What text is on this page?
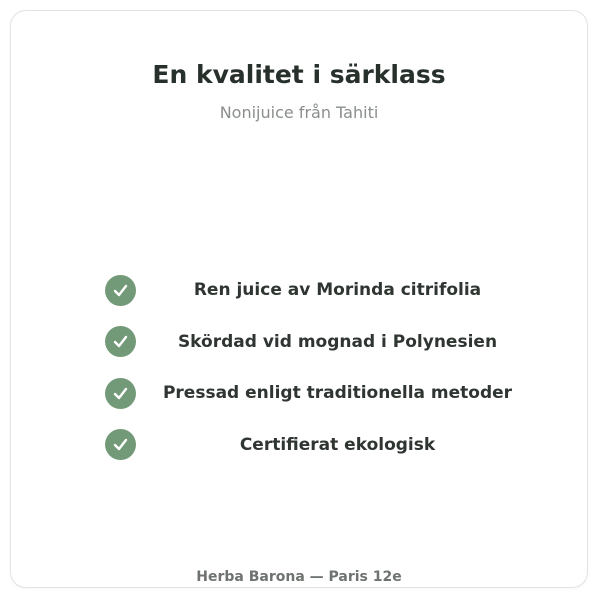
En kvalitet i särklass
Nonijuice från Tahiti
Ren juice av Morinda citrifolia
Skördad vid mognad i Polynesien
Pressad enligt traditionella metoder
Certifierat ekologisk
Herba Barona — Paris 12e
